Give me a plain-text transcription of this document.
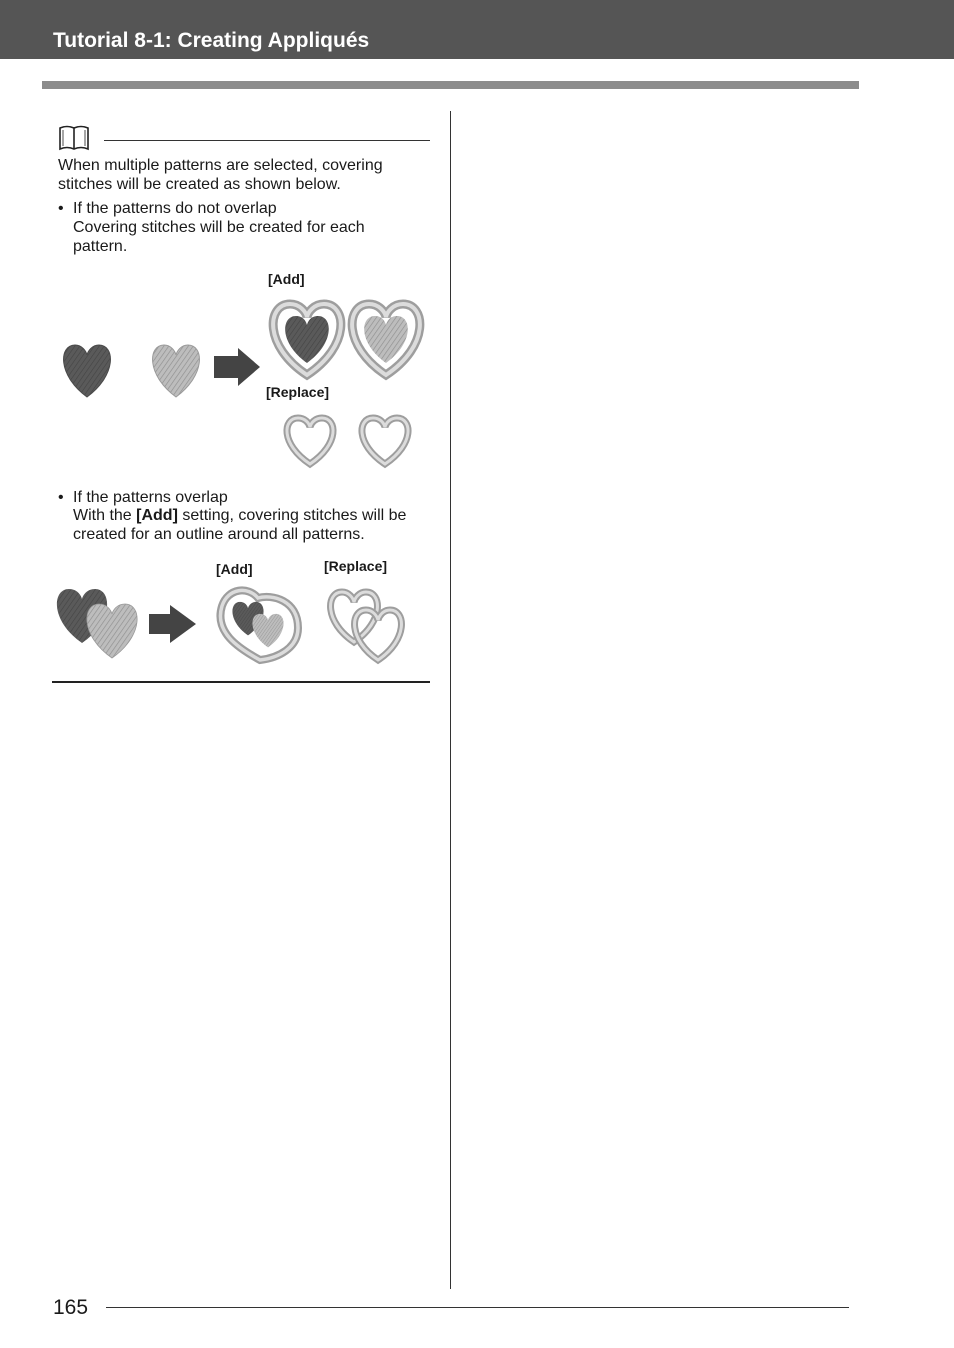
Tutorial 8-1: Creating Appliqués
When multiple patterns are selected, covering stitches will be created as shown below.
• If the patterns do not overlap
Covering stitches will be created for each pattern.
[Add]
[Replace]
• If the patterns overlap
With the [Add] setting, covering stitches will be created for an outline around all patterns.
[Add]	[Replace]
165
